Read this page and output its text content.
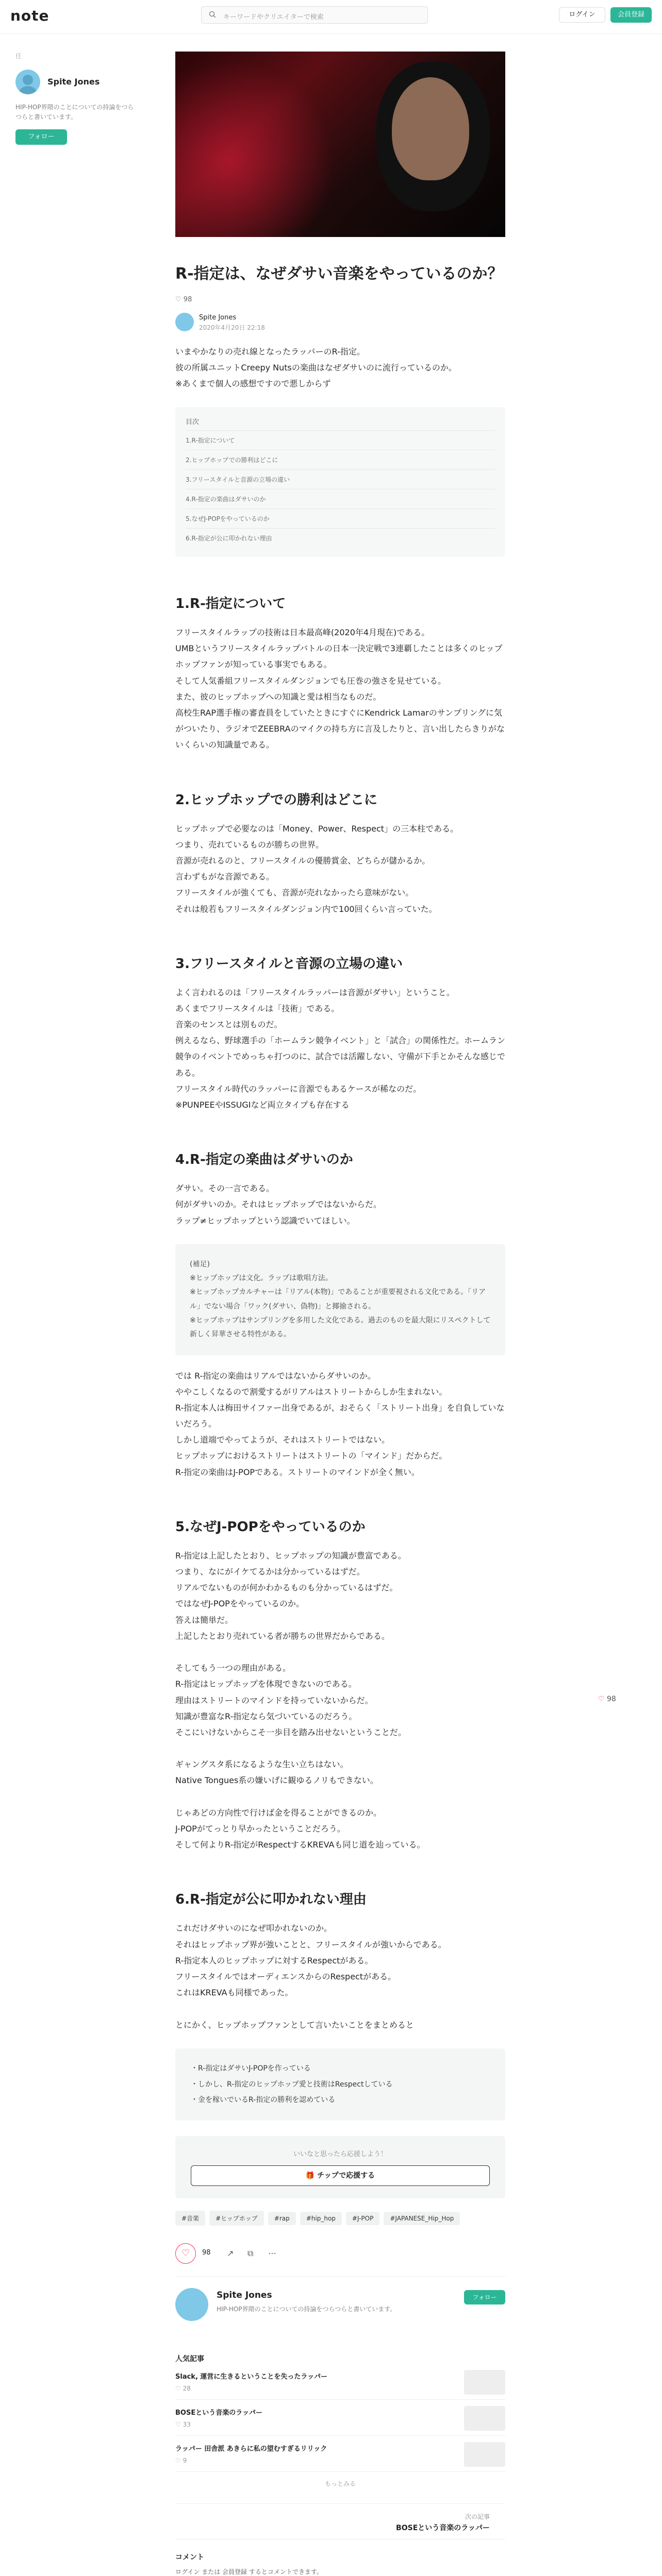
note	キーワードやクリエイターで検索	ログイン	会員登録
任
Spite Jones
HIP-HOP界隈のことについての持論をつらつらと書いています。
フォロー
R-指定は、なぜダサい音楽をやっているのか？
♡ 98
Spite Jones
2020年4月20日 22:18

いまやかなりの売れ線となったラッパーのR-指定。
彼の所属ユニットCreepy Nutsの楽曲はなぜダサいのに流行っているのか。
※あくまで個人の感想ですので悪しからず

目次
1.R-指定について
2.ヒップホップでの勝利はどこに
3.フリースタイルと音源の立場の違い
4.R-指定の楽曲はダサいのか
5.なぜJ-POPをやっているのか
6.R-指定が公に叩かれない理由
1.R-指定について

フリースタイルラップの技術は日本最高峰(2020年4月現在)である。
UMBというフリースタイルラップバトルの日本一決定戦で3連覇したことは多くのヒップホップファンが知っている事実でもある。
そして人気番組フリースタイルダンジョンでも圧巻の強さを見せている。
また、彼のヒップホップへの知識と愛は相当なものだ。
高校生RAP選手権の審査員をしていたときにすぐにKendrick Lamarのサンプリングに気がついたり、ラジオでZEEBRAのマイクの持ち方に言及したりと、言い出したらきりがないくらいの知識量である。

2.ヒップホップでの勝利はどこに

ヒップホップで必要なのは「Money、Power、Respect」の三本柱である。
つまり、売れているものが勝ちの世界。
音源が売れるのと、フリースタイルの優勝賞金、どちらが儲かるか。
言わずもがな音源である。
フリースタイルが強くても、音源が売れなかったら意味がない。
それは般若もフリースタイルダンジョン内で100回くらい言っていた。

3.フリースタイルと音源の立場の違い

よく言われるのは「フリースタイルラッパーは音源がダサい」ということ。
あくまでフリースタイルは「技術」である。
音楽のセンスとは別ものだ。
例えるなら、野球選手の「ホームラン競争イベント」と「試合」の関係性だ。ホームラン競争のイベントでめっちゃ打つのに、試合では活躍しない、守備が下手とかそんな感じである。
フリースタイル時代のラッパーに音源でもあるケースが稀なのだ。
※PUNPEEやISSUGIなど両立タイプも存在する

4.R-指定の楽曲はダサいのか

ダサい。その一言である。
何がダサいのか。それはヒップホップではないからだ。
ラップ≠ヒップホップという認識でいてほしい。

(補足)
※ヒップホップは文化。ラップは歌唱方法。
※ヒップホップカルチャーは「リアル(本物)」であることが重要視される文化である。「リアル」でない場合「ワック(ダサい、偽物)」と揶揄される。
※ヒップホップはサンプリングを多用した文化である。過去のものを最大限にリスペクトして新しく昇華させる特性がある。

では R-指定の楽曲はリアルではないからダサいのか。
ややこしくなるので割愛するがリアルはストリートからしか生まれない。
R-指定本人は梅田サイファー出身であるが、おそらく「ストリート出身」を自負していないだろう。
しかし道端でやってようが、それはストリートではない。
ヒップホップにおけるストリートはストリートの「マインド」だからだ。
R-指定の楽曲はJ-POPである。ストリートのマインドが全く無い。

5.なぜJ-POPをやっているのか

R-指定は上記したとおり、ヒップホップの知識が豊富である。
つまり、なにがイケてるかは分かっているはずだ。
リアルでないものが何かわかるものも分かっているはずだ。
ではなぜJ-POPをやっているのか。
答えは簡単だ。
上記したとおり売れている者が勝ちの世界だからである。

そしてもう一つの理由がある。
R-指定はヒップホップを体現できないのである。
理由はストリートのマインドを持っていないからだ。
知識が豊富なR-指定なら気づいているのだろう。
そこにいけないからこそ一歩目を踏み出せないということだ。

ギャングスタ系になるような生い立ちはない。
Native Tongues系の嫌いげに観ゆるノリもできない。

じゃあどの方向性で行けば金を得ることができるのか。
J-POPがてっとり早かったということだろう。
そして何よりR-指定がRespectするKREVAも同じ道を辿っている。

6.R-指定が公に叩かれない理由

これだけダサいのになぜ叩かれないのか。
それはヒップホップ界が強いことと、フリースタイルが強いからである。
R-指定本人のヒップホップに対するRespectがある。
フリースタイルではオーディエンスからのRespectがある。
これはKREVAも同様であった。

とにかく、ヒップホップファンとして言いたいことをまとめると

・R-指定はダサいJ-POPを作っている
・しかし、R-指定のヒップホップ愛と技術はRespectしている
・金を稼いでいるR-指定の勝利を認めている
いいなと思ったら応援しよう！
🎁 チップで応援する
#音楽	#ヒップホップ	#rap	#hip_hop	#J-POP	#JAPANESE_Hip_Hop
♡	98 ↗ ⧉ ⋯
Spite Jones
HIP-HOP界隈のことについての持論をつらつらと書いています。
フォロー
人気記事
Slack, 運営に生きるということを失ったラッパー
♡ 28
BOSEという音楽のラッパー
♡ 33
ラッパー 田舎派 あきらに私の望むすぎるリリック
♡ 9
もっとみる
次の記事
BOSEという音楽のラッパー
コメント
ログイン または 会員登録 するとコメントできます。
♡ 98
